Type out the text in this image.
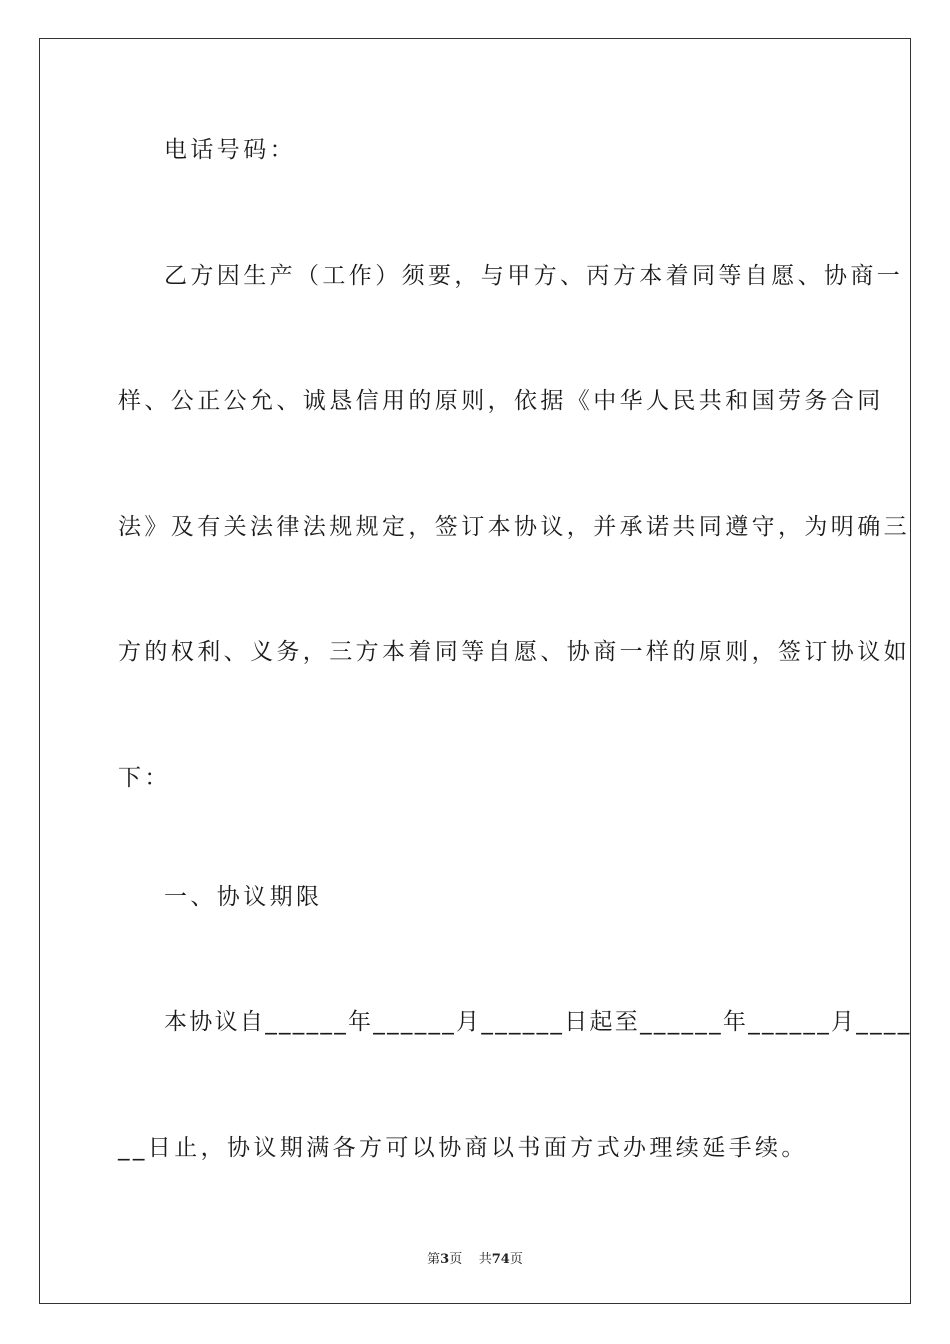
电话号码：
乙方因生产（工作）须要，与甲方、丙方本着同等自愿、协商一
样、公正公允、诚恳信用的原则，依据《中华人民共和国劳务合同
法》及有关法律法规规定，签订本协议，并承诺共同遵守，为明确三
方的权利、义务，三方本着同等自愿、协商一样的原则，签订协议如
下：
一、协议期限
本协议自______年______月______日起至______年______月____
__日止，协议期满各方可以协商以书面方式办理续延手续。
第3页 共74页
